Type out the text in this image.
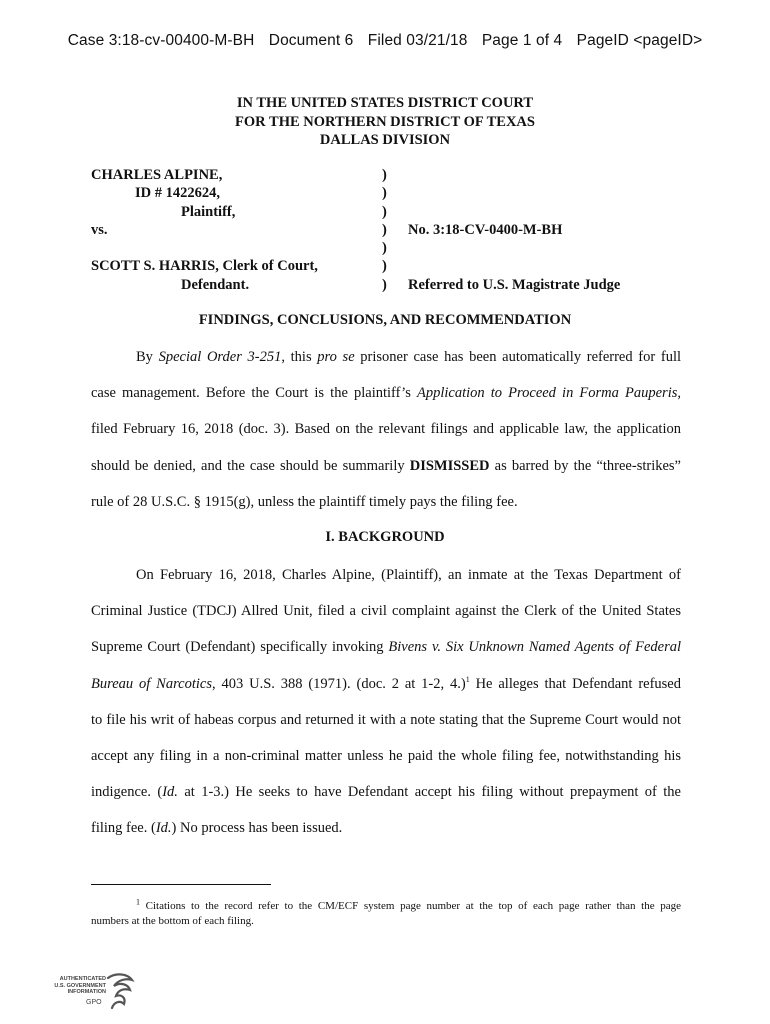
Case 3:18-cv-00400-M-BH Document 6 Filed 03/21/18 Page 1 of 4 PageID <pageID>
IN THE UNITED STATES DISTRICT COURT
FOR THE NORTHERN DISTRICT OF TEXAS
DALLAS DIVISION
CHARLES ALPINE,	)
ID # 1422624,	)
Plaintiff,	)
vs.	) No. 3:18-CV-0400-M-BH
)
SCOTT S. HARRIS, Clerk of Court,	)
Defendant.	) Referred to U.S. Magistrate Judge
FINDINGS, CONCLUSIONS, AND RECOMMENDATION
By Special Order 3-251, this pro se prisoner case has been automatically referred for full
case management. Before the Court is the plaintiff’s Application to Proceed in Forma Pauperis,
filed February 16, 2018 (doc. 3). Based on the relevant filings and applicable law, the application
should be denied, and the case should be summarily DISMISSED as barred by the “three-strikes”
rule of 28 U.S.C. § 1915(g), unless the plaintiff timely pays the filing fee.
I. BACKGROUND
On February 16, 2018, Charles Alpine, (Plaintiff), an inmate at the Texas Department of
Criminal Justice (TDCJ) Allred Unit, filed a civil complaint against the Clerk of the United States
Supreme Court (Defendant) specifically invoking Bivens v. Six Unknown Named Agents of Federal
Bureau of Narcotics, 403 U.S. 388 (1971). (doc. 2 at 1-2, 4.)$^1$ He alleges that Defendant refused
to file his writ of habeas corpus and returned it with a note stating that the Supreme Court would not
accept any filing in a non-criminal matter unless he paid the whole filing fee, notwithstanding his
indigence. (Id. at 1-3.) He seeks to have Defendant accept his filing without prepayment of the
filing fee. (Id.) No process has been issued.
$^1$ Citations to the record refer to the CM/ECF system page number at the top of each page rather than the page
numbers at the bottom of each filing.
AUTHENTICATED
U.S. GOVERNMENT
INFORMATION
GPO
